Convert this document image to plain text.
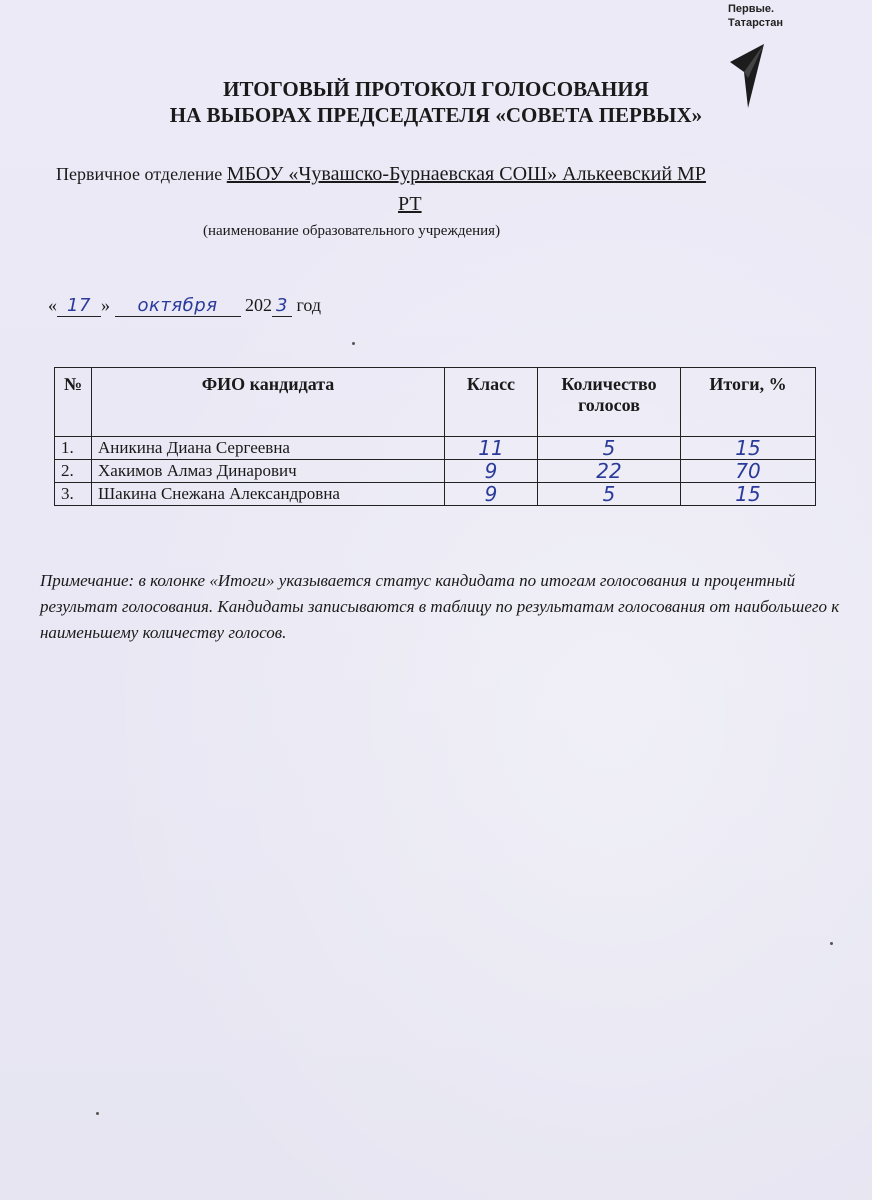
Первые.
Татарстан
ИТОГОВЫЙ ПРОТОКОЛ ГОЛОСОВАНИЯ
НА ВЫБОРАХ ПРЕДСЕДАТЕЛЯ «СОВЕТА ПЕРВЫХ»
Первичное отделение МБОУ «Чувашско-Бурнаевская СОШ» Алькеевский МР
РТ
(наименование образовательного учреждения)
« 17 » октября 202 3 год
№	ФИО кандидата	Класс	Количество голосов	Итоги, %
1.	Аникина Диана Сергеевна	11	5	15
2.	Хакимов Алмаз Динарович	9	22	70
3.	Шакина Снежана Александровна	9	5	15
Примечание: в колонке «Итоги» указывается статус кандидата по итогам голосования и процентный результат голосования. Кандидаты записываются в таблицу по результатам голосования от наибольшего к наименьшему количеству голосов.
